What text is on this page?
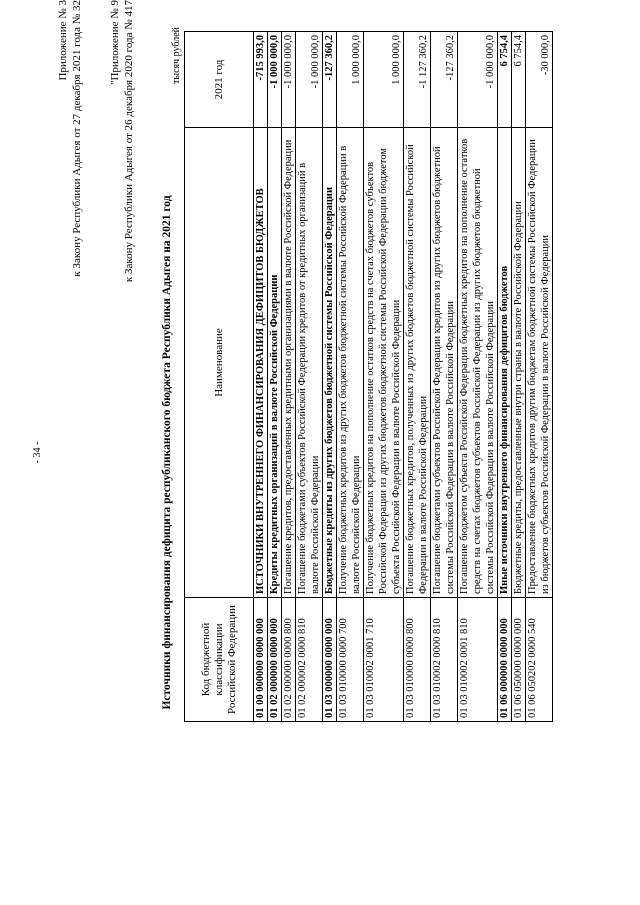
- 34 -
Приложение № 3 к Закону Республики Адыгея от 27 декабря 2021 года № 32 "Приложение № 9 к Закону Республики Адыгея от 26 декабря 2020 года № 417
Источники финансирования дефицита республиканского бюджета Республики Адыгея на 2021 год
тысяч рублей
Код бюджетной классификации Российской Федерации	Наименование	2021 год
01 00 000000 0000 000	ИСТОЧНИКИ ВНУТРЕННЕГО ФИНАНСИРОВАНИЯ ДЕФИЦИТОВ БЮДЖЕТОВ	-715 993,0
01 02 000000 0000 000	Кредиты кредитных организаций в валюте Российской Федерации	-1 000 000,0
01 02 000000 0000 800	Погашение кредитов, предоставленных кредитными организациями в валюте Российской Федерации	-1 000 000,0
01 02 000002 0000 810	Погашение бюджетами субъектов Российской Федерации кредитов от кредитных организаций в валюте Российской Федерации	-1 000 000,0
01 03 000000 0000 000	Бюджетные кредиты из других бюджетов бюджетной системы Российской Федерации	-127 360,2
01 03 010000 0000 700	Получение бюджетных кредитов из других бюджетов бюджетной системы Российской Федерации в валюте Российской Федерации	1 000 000,0
01 03 010002 0001 710	Получение бюджетных кредитов на пополнение остатков средств на счетах бюджетов субъектов Российской Федерации из других бюджетов бюджетной системы Российской Федерации бюджетом субъекта Российской Федерации в валюте Российской Федерации	1 000 000,0
01 03 010000 0000 800	Погашение бюджетных кредитов, полученных из других бюджетов бюджетной системы Российской Федерации в валюте Российской Федерации	-1 127 360,2
01 03 010002 0000 810	Погашение бюджетами субъектов Российской Федерации кредитов из других бюджетов бюджетной системы Российской Федерации в валюте Российской Федерации	-127 360,2
01 03 010002 0001 810	Погашение бюджетом субъекта Российской Федерации бюджетных кредитов на пополнение остатков средств на счетах бюджетов субъектов Российской Федерации из других бюджетов бюджетной системы Российской Федерации в валюте Российской Федерации	-1 000 000,0
01 06 000000 0000 000	Иные источники внутреннего финансирования дефицитов бюджетов	6 754,4
01 06 050000 0000 000	Бюджетные кредиты, предоставленные внутри страны в валюте Российской Федерации	6 754,4
01 06 050202 0000 540	Предоставление бюджетных кредитов другим бюджетам бюджетной системы Российской Федерации из бюджетов субъектов Российской Федерации в валюте Российской Федерации	-30 000,0
